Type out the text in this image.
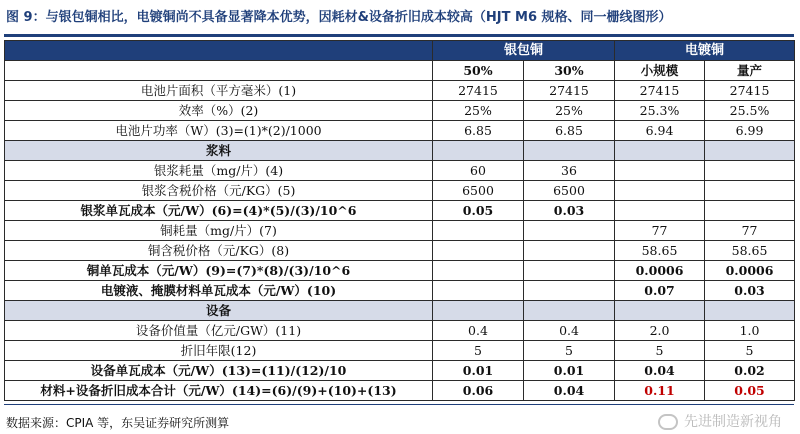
图 9：与银包铜相比，电镀铜尚不具备显著降本优势，因耗材&设备折旧成本较高（HJT M6 规格、同一栅线图形）
	银包铜		电镀铜	
	50%	30%	小规模	量产
电池片面积（平方毫米）(1)	27415	27415	27415	27415
效率（%）(2)	25%	25%	25.3%	25.5%
电池片功率（W）(3)=(1)*(2)/1000	6.85	6.85	6.94	6.99
浆料				
银浆耗量（mg/片）(4)	60	36		
银浆含税价格（元/KG）(5)	6500	6500		
银浆单瓦成本（元/W）(6)=(4)*(5)/(3)/10^6	0.05	0.03		
铜耗量（mg/片）(7)			77	77
铜含税价格（元/KG）(8)			58.65	58.65
铜单瓦成本（元/W）(9)=(7)*(8)/(3)/10^6			0.0006	0.0006
电镀液、掩膜材料单瓦成本（元/W）(10)			0.07	0.03
设备				
设备价值量（亿元/GW）(11)	0.4	0.4	2.0	1.0
折旧年限(12)	5	5	5	5
设备单瓦成本（元/W）(13)=(11)/(12)/10	0.01	0.01	0.04	0.02
材料+设备折旧成本合计（元/W）(14)=(6)/(9)+(10)+(13)	0.06	0.04	0.11	0.05
数据来源：CPIA 等，东吴证券研究所测算	先进制造新视角
